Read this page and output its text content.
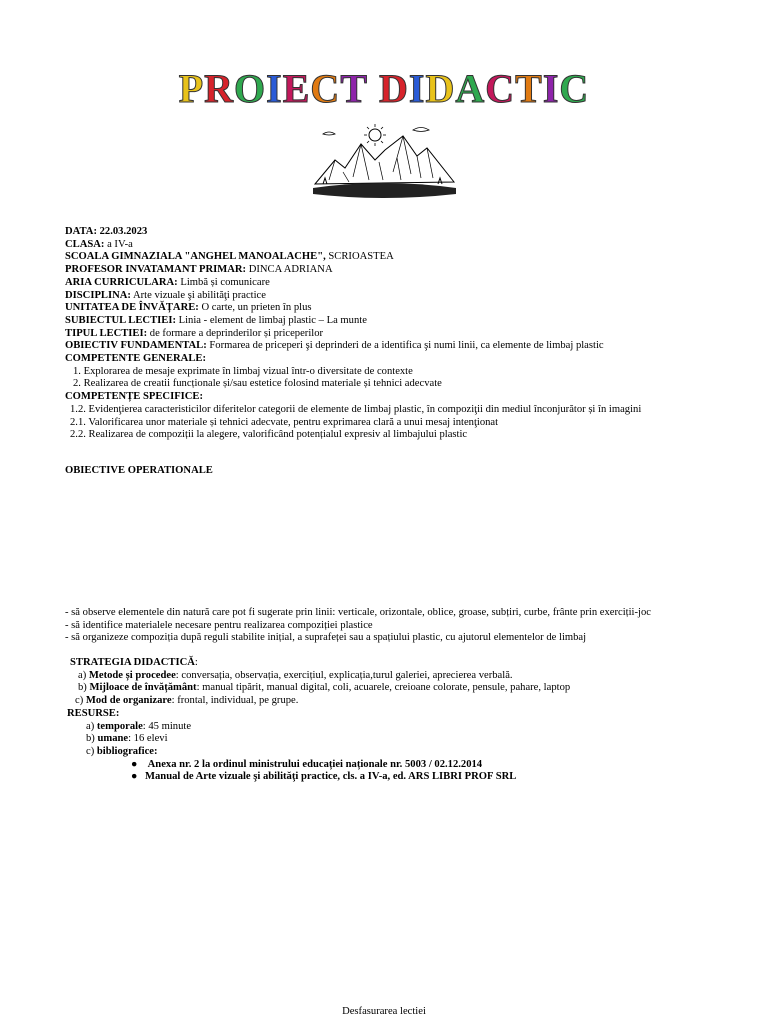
PROIECT DIDACTIC
DATA: 22.03.2023
CLASA: a IV-a
SCOALA GIMNAZIALA "ANGHEL MANOALACHE", SCRIOASTEA
PROFESOR INVATAMANT PRIMAR: DINCA ADRIANA
ARIA CURRICULARA: Limbă și comunicare
DISCIPLINA: Arte vizuale şi abilităţi practice
UNITATEA DE ÎNVĂȚARE: O carte, un prieten în plus
SUBIECTUL LECTIEI: Linia - element de limbaj plastic – La munte
TIPUL LECTIEI: de formare a deprinderilor și priceperilor
OBIECTIV FUNDAMENTAL: Formarea de priceperi şi deprinderi de a identifica şi numi linii, ca elemente de limbaj plastic
COMPETENTE GENERALE:
1. Explorarea de mesaje exprimate în limbaj vizual într-o diversitate de contexte
2. Realizarea de creatii funcționale și/sau estetice folosind materiale și tehnici adecvate
COMPETENȚE SPECIFICE:
1.2. Evidenţierea caracteristicilor diferitelor categorii de elemente de limbaj plastic, în compoziţii din mediul înconjurător și în imagini
2.1. Valorificarea unor materiale și tehnici adecvate, pentru exprimarea clară a unui mesaj intenţionat
2.2. Realizarea de compoziții la alegere, valorificând potențialul expresiv al limbajului plastic
OBIECTIVE OPERATIONALE
- să observe elementele din natură care pot fi sugerate prin linii: verticale, orizontale, oblice, groase, subțiri, curbe, frânte prin exerciții-joc
- să identifice materialele necesare pentru realizarea compoziției plastice
- să organizeze compoziția după reguli stabilite inițial, a suprafeței sau a spațiului plastic, cu ajutorul elementelor de limbaj
STRATEGIA DIDACTICĂ:
a) Metode și procedee: conversația, observația, exercițiul, explicația,turul galeriei, aprecierea verbală.
b) Mijloace de învățământ: manual tipărit, manual digital, coli, acuarele, creioane colorate, pensule, pahare, laptop
c) Mod de organizare: frontal, individual, pe grupe.
RESURSE:
a) temporale: 45 minute
b) umane: 16 elevi
c) bibliografice:
● Anexa nr. 2 la ordinul ministrului educației naționale nr. 5003 / 02.12.2014
● Manual de Arte vizuale şi abilităţi practice, cls. a IV-a, ed. ARS LIBRI PROF SRL
Desfasurarea lectiei
